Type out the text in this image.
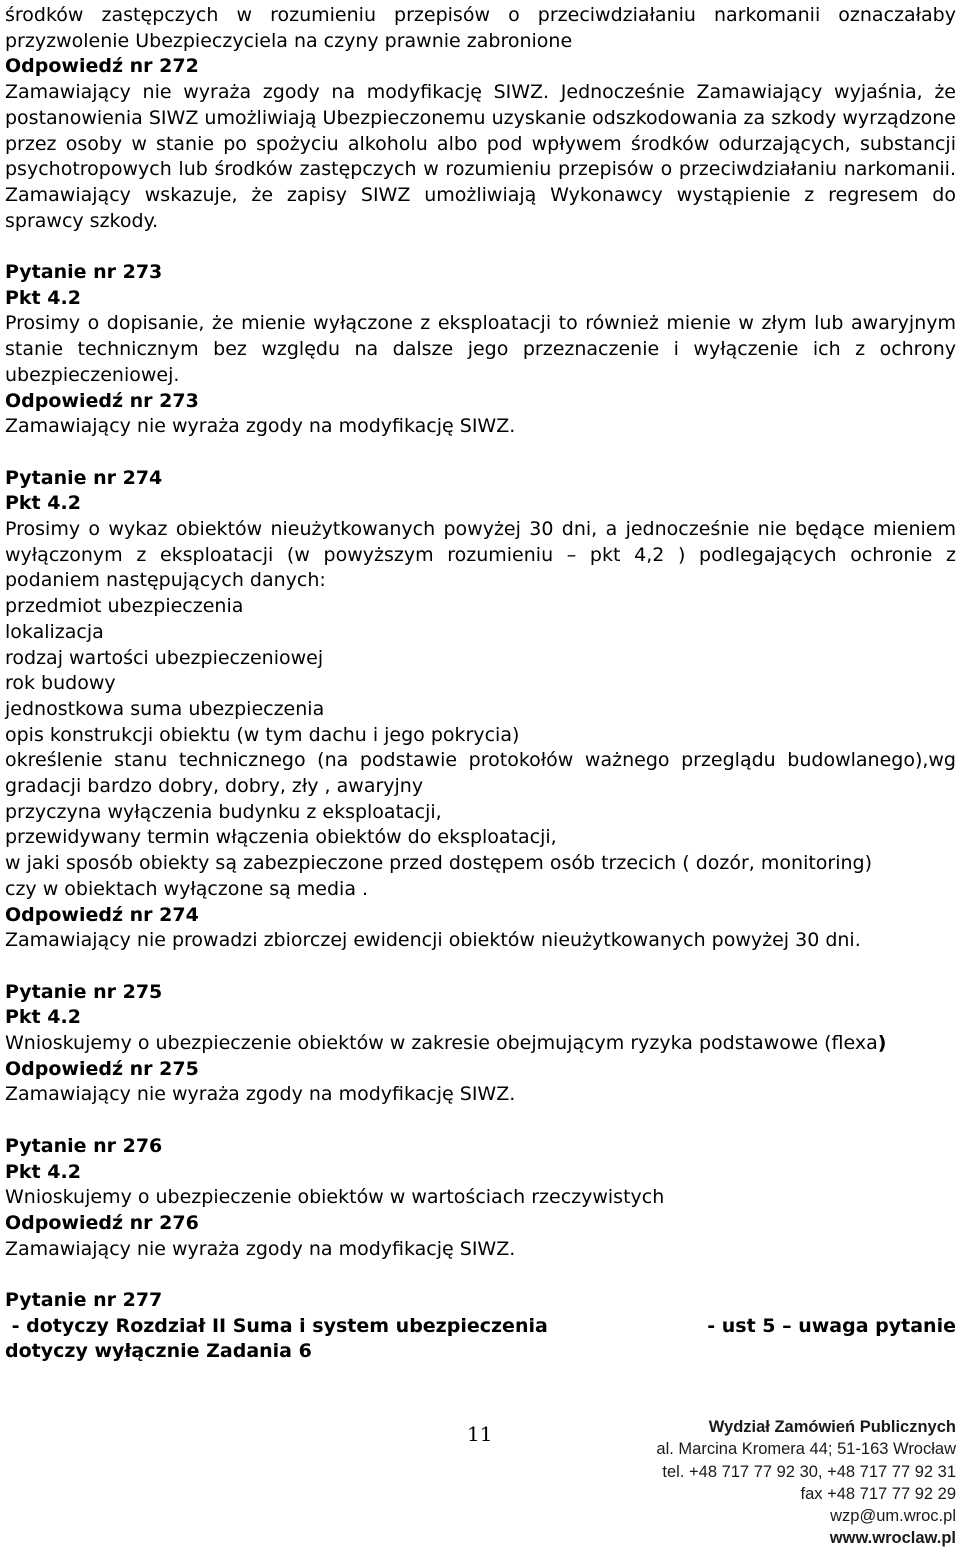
środków zastępczych w rozumieniu przepisów o przeciwdziałaniu narkomanii oznaczałaby przyzwolenie Ubezpieczyciela na czyny prawnie zabronione

Odpowiedź nr 272

Zamawiający nie wyraża zgody na modyfikację SIWZ. Jednocześnie Zamawiający wyjaśnia, że postanowienia SIWZ umożliwiają Ubezpieczonemu uzyskanie odszkodowania za szkody wyrządzone przez osoby w stanie po spożyciu alkoholu albo pod wpływem środków odurzających, substancji psychotropowych lub środków zastępczych w rozumieniu przepisów o przeciwdziałaniu narkomanii. Zamawiający wskazuje, że zapisy SIWZ umożliwiają Wykonawcy wystąpienie z regresem do sprawcy szkody.

Pytanie nr 273

Pkt 4.2

Prosimy o dopisanie, że mienie wyłączone z eksploatacji to również mienie w złym lub awaryjnym stanie technicznym bez względu na dalsze jego przeznaczenie i wyłączenie ich z ochrony ubezpieczeniowej.

Odpowiedź nr 273

Zamawiający nie wyraża zgody na modyfikację SIWZ.

Pytanie nr 274

Pkt 4.2

Prosimy o wykaz obiektów nieużytkowanych powyżej 30 dni, a jednocześnie nie będące mieniem wyłączonym z eksploatacji (w powyższym rozumieniu – pkt 4,2 ) podlegających ochronie z podaniem następujących danych:

przedmiot ubezpieczenia

lokalizacja

rodzaj wartości ubezpieczeniowej

rok budowy

jednostkowa suma ubezpieczenia

opis konstrukcji obiektu (w tym dachu i jego pokrycia)

określenie stanu technicznego (na podstawie protokołów ważnego przeglądu budowlanego),wg gradacji bardzo dobry, dobry, zły , awaryjny

przyczyna wyłączenia budynku z eksploatacji,

przewidywany termin włączenia obiektów do eksploatacji,

w jaki sposób obiekty są zabezpieczone przed dostępem osób trzecich ( dozór, monitoring)

czy w obiektach wyłączone są media .

Odpowiedź nr 274

Zamawiający nie prowadzi zbiorczej ewidencji obiektów nieużytkowanych powyżej 30 dni.

Pytanie nr 275

Pkt 4.2

Wnioskujemy o ubezpieczenie obiektów w zakresie obejmującym ryzyka podstawowe (flexa)

Odpowiedź nr 275

Zamawiający nie wyraża zgody na modyfikację SIWZ.

Pytanie nr 276

Pkt 4.2

Wnioskujemy o ubezpieczenie obiektów w wartościach rzeczywistych

Odpowiedź nr 276

Zamawiający nie wyraża zgody na modyfikację SIWZ.

Pytanie nr 277

- dotyczy Rozdział II Suma i system ubezpieczenia	- ust 5 – uwaga pytanie

dotyczy wyłącznie Zadania 6

11	Wydział Zamówień Publicznych
al. Marcina Kromera 44; 51-163 Wrocław
tel. +48 717 77 92 30, +48 717 77 92 31
fax +48 717 77 92 29
wzp@um.wroc.pl
www.wroclaw.pl
